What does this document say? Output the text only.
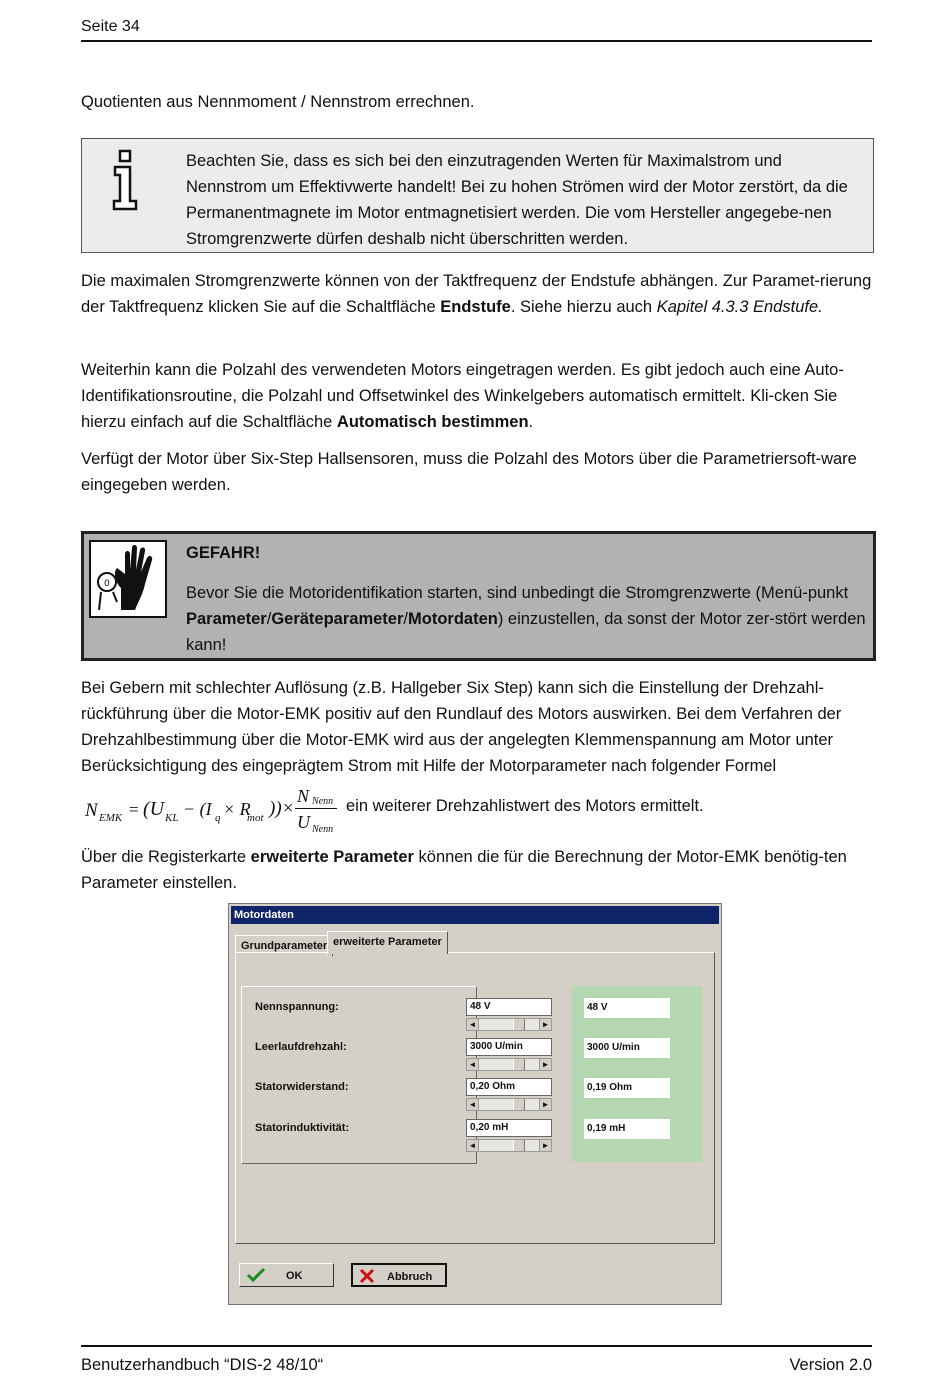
Seite 34
Quotienten aus Nennmoment / Nennstrom errechnen.
Beachten Sie, dass es sich bei den einzutragenden Werten für Maximalstrom und Nennstrom um Effektivwerte handelt! Bei zu hohen Strömen wird der Motor zerstört, da die Permanentmagnete im Motor entmagnetisiert werden. Die vom Hersteller angegebe-nen Stromgrenzwerte dürfen deshalb nicht überschritten werden.
Die maximalen Stromgrenzwerte können von der Taktfrequenz der Endstufe abhängen. Zur Paramet-rierung der Taktfrequenz klicken Sie auf die Schaltfläche Endstufe. Siehe hierzu auch Kapitel 4.3.3 Endstufe.
Weiterhin kann die Polzahl des verwendeten Motors eingetragen werden. Es gibt jedoch auch eine Auto-Identifikationsroutine, die Polzahl und Offsetwinkel des Winkelgebers automatisch ermittelt. Kli-cken Sie hierzu einfach auf die Schaltfläche Automatisch bestimmen.
Verfügt der Motor über Six-Step Hallsensoren, muss die Polzahl des Motors über die Parametriersoft-ware eingegeben werden.
0
GEFAHR!
Bevor Sie die Motoridentifikation starten, sind unbedingt die Stromgrenzwerte (Menü-punkt Parameter/Geräteparameter/Motordaten) einzustellen, da sonst der Motor zer-stört werden kann!
Bei Gebern mit schlechter Auflösung (z.B. Hallgeber Six Step) kann sich die Einstellung der Drehzahl-rückführung über die Motor-EMK positiv auf den Rundlauf des Motors auswirken. Bei dem Verfahren der Drehzahlbestimmung über die Motor-EMK wird aus der angelegten Klemmenspannung am Motor unter Berücksichtigung des eingeprägtem Strom mit Hilfe der Motorparameter nach folgender Formel
N EMK = (U KL − (I q × R
mot ))×
N Nenn
U Nenn
ein weiterer Drehzahlistwert des Motors ermittelt.
Über die Registerkarte erweiterte Parameter können die für die Berechnung der Motor-EMK benötig-ten Parameter einstellen.
Motordaten
Grundparameter erweiterte Parameter
Nennspannung:	48 V
◄	►
48 V
Leerlaufdrehzahl:	3000 U/min
◄	►
3000 U/min
Statorwiderstand:	0,20 Ohm
◄	►
0,19 Ohm
Statorinduktivität:	0,20 mH
◄	►
0,19 mH
OK	Abbruch
Benutzerhandbuch “DIS-2 48/10“	Version 2.0
